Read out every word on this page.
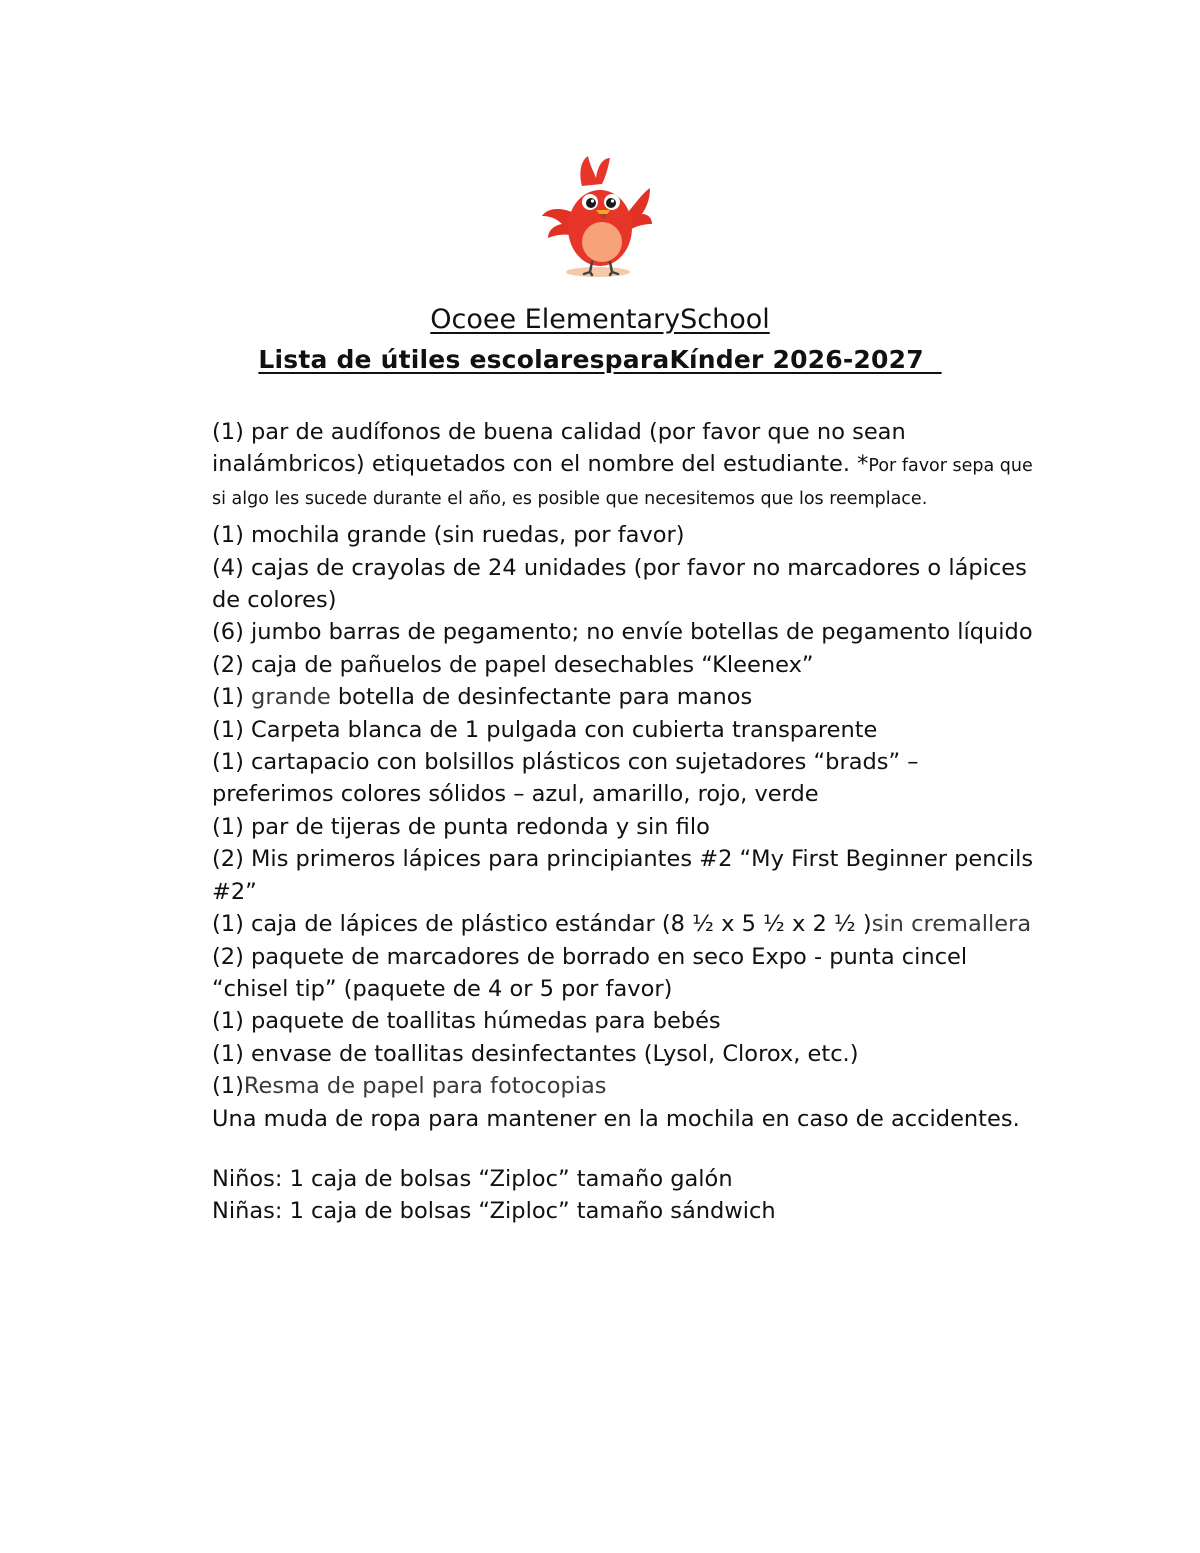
Ocoee ElementarySchool
Lista de útiles escolaresparaKínder 2026-2027
(1) par de audífonos de buena calidad (por favor que no sean inalámbricos) etiquetados con el nombre del estudiante. *Por favor sepa que si algo les sucede durante el año, es posible que necesitemos que los reemplace.
(1) mochila grande (sin ruedas, por favor)
(4) cajas de crayolas de 24 unidades (por favor no marcadores o lápices de colores)
(6) jumbo barras de pegamento; no envíe botellas de pegamento líquido
(2) caja de pañuelos de papel desechables “Kleenex”
(1) grande botella de desinfectante para manos
(1) Carpeta blanca de 1 pulgada con cubierta transparente
(1) cartapacio con bolsillos plásticos con sujetadores “brads” – preferimos colores sólidos – azul, amarillo, rojo, verde
(1) par de tijeras de punta redonda y sin filo
(2) Mis primeros lápices para principiantes #2 “My First Beginner pencils #2”
(1) caja de lápices de plástico estándar (8 ½ x 5 ½ x 2 ½ )sin cremallera
(2) paquete de marcadores de borrado en seco Expo - punta cincel “chisel tip” (paquete de 4 or 5 por favor)
(1) paquete de toallitas húmedas para bebés
(1) envase de toallitas desinfectantes (Lysol, Clorox, etc.)
(1)Resma de papel para fotocopias
Una muda de ropa para mantener en la mochila en caso de accidentes.
Niños: 1 caja de bolsas “Ziploc” tamaño galón
Niñas: 1 caja de bolsas “Ziploc” tamaño sándwich
